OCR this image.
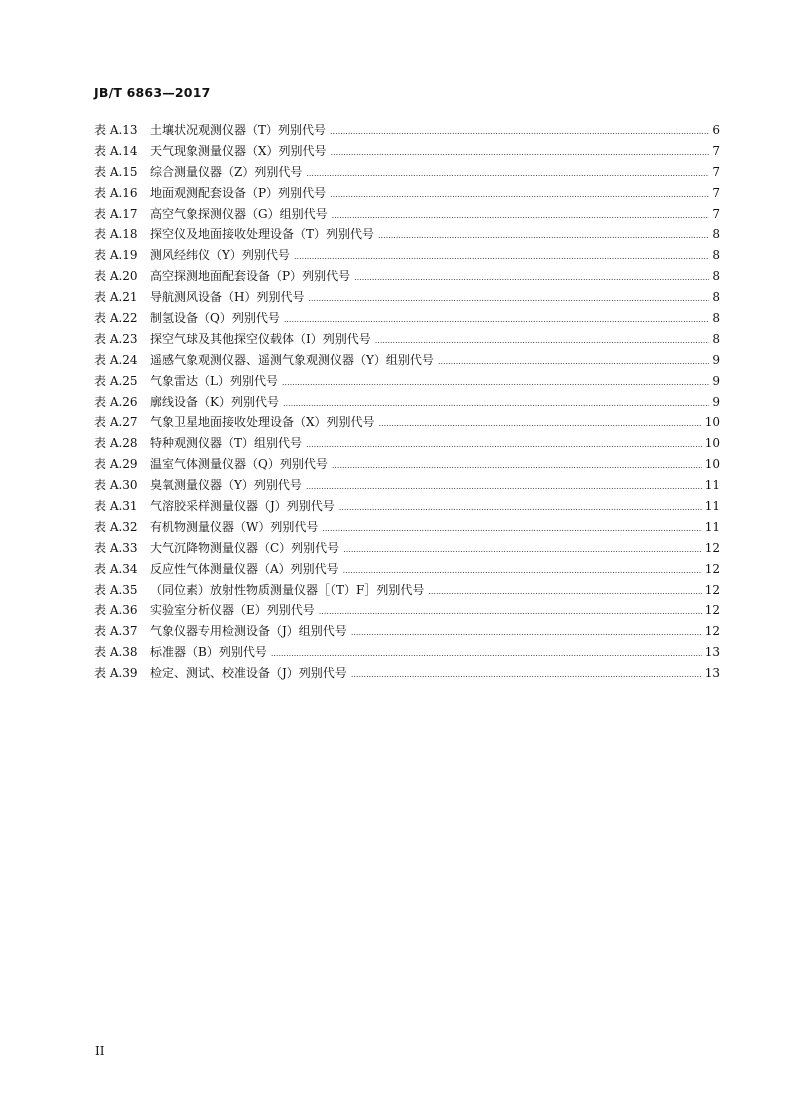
JB/T 6863—2017
表 A.13	土壤状况观测仪器（T）列别代号 .....	6
表 A.14	天气现象测量仪器（X）列别代号 .....	7
表 A.15	综合测量仪器（Z）列别代号 .....	7
表 A.16	地面观测配套设备（P）列别代号 .....	7
表 A.17	高空气象探测仪器（G）组别代号 .....	7
表 A.18	探空仪及地面接收处理设备（T）列别代号 .....	8
表 A.19	测风经纬仪（Y）列别代号 .....	8
表 A.20	高空探测地面配套设备（P）列别代号 .....	8
表 A.21	导航测风设备（H）列别代号 .....	8
表 A.22	制氢设备（Q）列别代号 .....	8
表 A.23	探空气球及其他探空仪载体（I）列别代号 .....	8
表 A.24	遥感气象观测仪器、遥测气象观测仪器（Y）组别代号 .....	9
表 A.25	气象雷达（L）列别代号 .....	9
表 A.26	廓线设备（K）列别代号 .....	9
表 A.27	气象卫星地面接收处理设备（X）列别代号 .....	10
表 A.28	特种观测仪器（T）组别代号 .....	10
表 A.29	温室气体测量仪器（Q）列别代号 .....	10
表 A.30	臭氧测量仪器（Y）列别代号 .....	11
表 A.31	气溶胶采样测量仪器（J）列别代号 .....	11
表 A.32	有机物测量仪器（W）列别代号 .....	11
表 A.33	大气沉降物测量仪器（C）列别代号 .....	12
表 A.34	反应性气体测量仪器（A）列别代号 .....	12
表 A.35	（同位素）放射性物质测量仪器［（T）F］列别代号 .....	12
表 A.36	实验室分析仪器（E）列别代号 .....	12
表 A.37	气象仪器专用检测设备（J）组别代号 .....	12
表 A.38	标准器（B）列别代号 .....	13
表 A.39	检定、测试、校准设备（J）列别代号 .....	13
II
